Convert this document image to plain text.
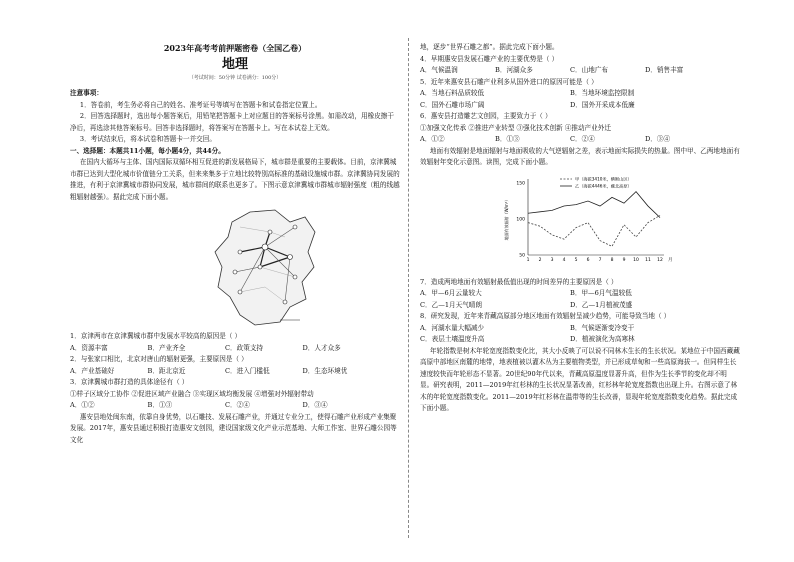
2023年高考考前押题密卷（全国乙卷）
地理
（考试时间：50分钟 试卷满分：100分）
注意事项：
1．答卷前，考生务必将自己的姓名、准考证号等填写在答题卡和试卷指定位置上。
2．回答选择题时，选出每小题答案后，用铅笔把答题卡上对应题目的答案标号涂黑。如需改动，用橡皮擦干净后，再选涂其他答案标号。回答非选择题时，将答案写在答题卡上。写在本试卷上无效。
3．考试结束后，将本试卷和答题卡一并交回。
一、选择题：本题共11小题，每小题4分，共44分。
在国内大循环与主体、国内国际双循环相互促进的新发展格局下，城市群是重要的主要载体。目前，京津冀城市群已达到大型化城市价值链分工关系，但来来集多于立地比较特别高标准的基础设施城市群。京津冀协同发展的推进，有利于京津冀城市群协同发展，城市群间的联系也更多了。下图示意京津冀城市群城市辐射强度（粗的线越粗辐射越强）。据此完成下面小题。
1．京津两市在京津冀城市群中发展水平较高的原因是（ ）
A．资源丰富	B．产业齐全	C．政策支持	D．人才众多
2．与张家口相比，北京对唐山的辐射更强，主要原因是（ ）
A．产业基础好	B．距北京近	C．进入门槛低	D．生态环境优
3．京津冀城市群打造的具体途径有（ ）
①样子区域分工协作 ②促进区域产业融合 ③实现区域均衡发展 ④增强对外辐射带动
A．①②	B．①③	C．②④	D．③④
惠安县地处闽东南，依靠自身优势，以石雕技、发展石雕产业，并通过专业分工，使得石雕产业形成产业集聚发展。2017年，惠安县通过积极打造惠安文创园，建设国家级文化产业示范基地、大师工作室、世界石雕公园等文化
地，逐步“世界石雕之都”。据此完成下面小题。
4．早期惠安县发展石雕产业的主要优势是（ ）
A．气候温润	B．河湖众多	C．山地广布	D．销售丰富
5．近年来惠安县石雕产业利多从国外进口的原因可能是（ ）
A．当地石料品质较低	B．当地环境监控限制
C．国外石雕市场广阔	D．国外开采成本低廉
6．惠安县打造雕艺文创园，主要致力于（ ）
①加强文化传承 ②推进产业转型 ③强化技术创新 ④推动产业外迁
A．①②	B．①③	C．②④	D．③④
地面有效辐射是地面辐射与地面吸收的大气逆辐射之差，表示地面实际损失的热量。图中甲、乙两地地面有效辐射年变化示意图。读图，完成下面小题。
50
100
150
1 2 3 4 5 6 7 8 9 10 11 12 月
地面有效辐射（W/m²）
甲（海拔3410米，横断山区）
乙（海拔4446米，藏北高原）
7．造成两地地面有效辐射最低值出现的时间差异的主要原因是（ ）
A．甲—6月云量较大	B．甲—6月气温较低
C．乙—1月天气晴朗	D．乙—1月植被茂盛
8．研究发现，近年来青藏高原部分地区地面有效辐射呈减少趋势，可能导致当地（ ）
A．河湖水量大幅减少	B．气候逐渐变冷变干
C．表层土壤温度升高	D．植被演化为高寒林
年轮指数是树木年轮宽度指数变化比，其大小反映了可以说不同林木生长的生长状况。某地位于中国西藏藏高原中部地区南麓的地带，地表植被以灌木丛为主要植物类型，并已形成草甸和一些高原海拔一。但同样生长速度较快而年轮形态不显著。20世纪90年代以来，青藏高原温度显著升高，但作为生长季节的变化却不明显。研究表明，2011—2019年红杉林的生长状况显著改善，红杉林年轮宽度指数也出现上升。右图示意了林木的年轮宽度指数变化。2011—2019年红杉林在温带等的生长改善，显现年轮宽度指数变化趋势。据此完成下面小题。
